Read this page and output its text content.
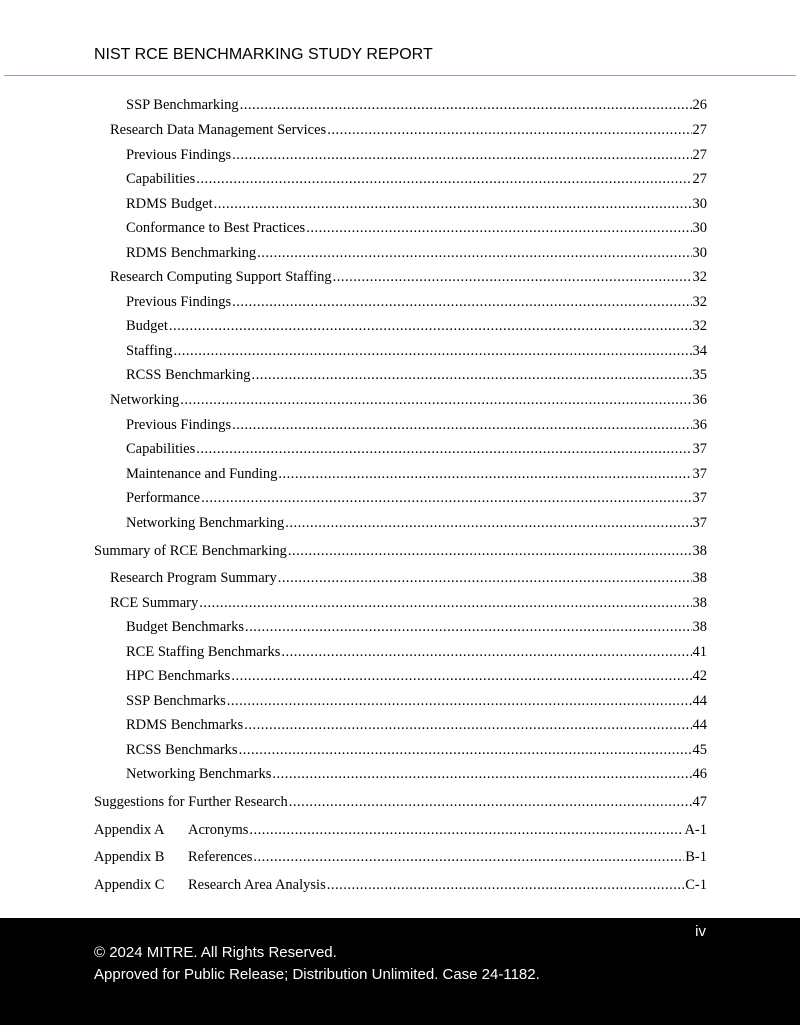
NIST RCE BENCHMARKING STUDY REPORT
SSP Benchmarking .....	26
Research Data Management Services .....	27
Previous Findings .....	27
Capabilities .....	27
RDMS Budget .....	30
Conformance to Best Practices .....	30
RDMS Benchmarking .....	30
Research Computing Support Staffing .....	32
Previous Findings .....	32
Budget .....	32
Staffing .....	34
RCSS Benchmarking .....	35
Networking .....	36
Previous Findings .....	36
Capabilities .....	37
Maintenance and Funding .....	37
Performance .....	37
Networking Benchmarking .....	37
Summary of RCE Benchmarking .....	38
Research Program Summary .....	38
RCE Summary .....	38
Budget Benchmarks .....	38
RCE Staffing Benchmarks .....	41
HPC Benchmarks .....	42
SSP Benchmarks .....	44
RDMS Benchmarks .....	44
RCSS Benchmarks .....	45
Networking Benchmarks .....	46
Suggestions for Further Research .....	47
Appendix A Acronyms .....	A-1
Appendix B References .....	B-1
Appendix C Research Area Analysis .....	C-1
iv
© 2024 MITRE. All Rights Reserved.
Approved for Public Release; Distribution Unlimited. Case 24-1182.
